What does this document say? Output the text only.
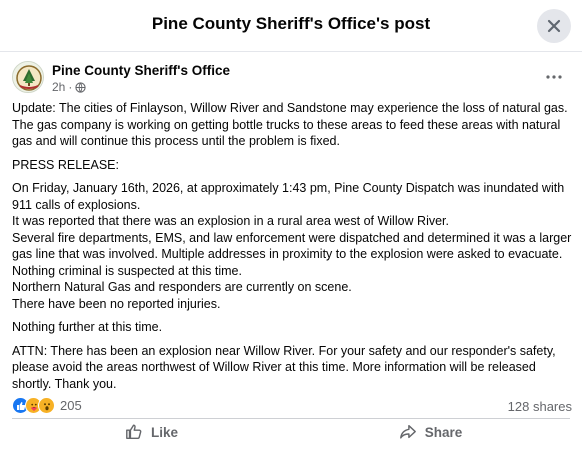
Pine County Sheriff's Office's post
Pine County Sheriff's Office
2h ·

Update: The cities of Finlayson, Willow River and Sandstone may experience the loss of natural gas.
The gas company is working on getting bottle trucks to these areas to feed these areas with natural
gas and will continue this process until the problem is fixed.

PRESS RELEASE:

On Friday, January 16th, 2026, at approximately 1:43 pm, Pine County Dispatch was inundated with
911 calls of explosions.
It was reported that there was an explosion in a rural area west of Willow River.
Several fire departments, EMS, and law enforcement were dispatched and determined it was a larger
gas line that was involved. Multiple addresses in proximity to the explosion were asked to evacuate.
Nothing criminal is suspected at this time.
Northern Natural Gas and responders are currently on scene.
There have been no reported injuries.

Nothing further at this time.

ATTN: There has been an explosion near Willow River. For your safety and our responder's safety,
please avoid the areas northwest of Willow River at this time. More information will be released
shortly. Thank you.

205	128 shares
Like	Share
